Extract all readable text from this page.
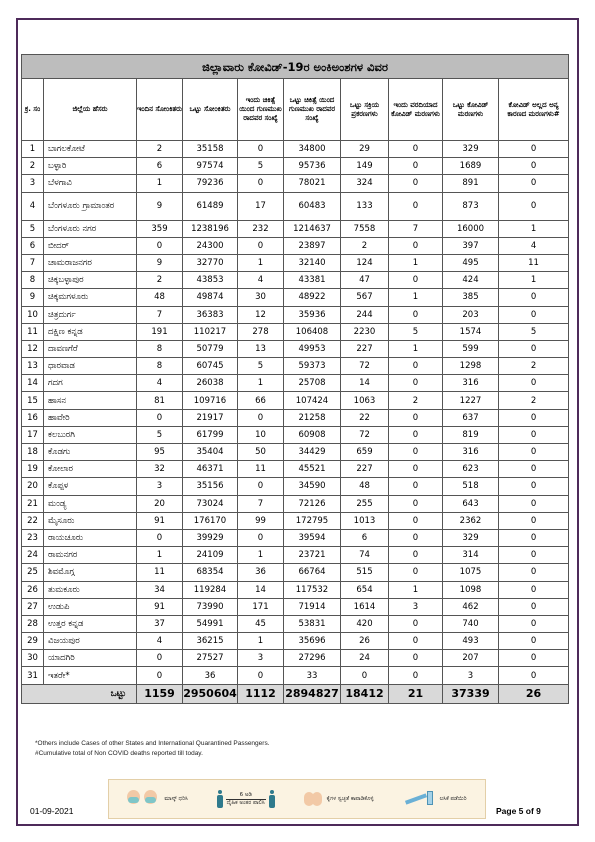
ಜಿಲ್ಲಾವಾರು ಕೋವಿಡ್-19ರ ಅಂಕಿಅಂಶಗಳ ವಿವರ									
ಕ್ರ. ಸಂ	ಜಿಲ್ಲೆಯ ಹೆಸರು	ಇಂದಿನ ಸೋಂಕಿತರು	ಒಟ್ಟು ಸೋಂಕಿತರು	ಇಂದು ಚಿಕಿತ್ಸೆ ಯಿಂದ ಗುಣಮುಖ ರಾದವರ ಸಂಖ್ಯೆ	ಒಟ್ಟು ಚಿಕಿತ್ಸೆ ಯಿಂದ ಗುಣಮುಖ ರಾದವರ ಸಂಖ್ಯೆ	ಒಟ್ಟು ಸಕ್ರಿಯ ಪ್ರಕರಣಗಳು	ಇಂದು ವರದಿಯಾದ ಕೋವಿಡ್ ಮರಣಗಳು	ಒಟ್ಟು ಕೋವಿಡ್ ಮರಣಗಳು	ಕೋವಿಡ್ ಅಲ್ಲದ ಅನ್ಯ ಕಾರಣದ ಮರಣಗಳು#
1	ಬಾಗಲಕೋಟೆ	2	35158	0	34800	29	0	329	0
2	ಬಳ್ಳಾರಿ	6	97574	5	95736	149	0	1689	0
3	ಬೆಳಗಾವಿ	1	79236	0	78021	324	0	891	0
4	ಬೆಂಗಳೂರು ಗ್ರಾಮಾಂತರ	9	61489	17	60483	133	0	873	0
5	ಬೆಂಗಳೂರು ನಗರ	359	1238196	232	1214637	7558	7	16000	1
6	ಬೀದರ್	0	24300	0	23897	2	0	397	4
7	ಚಾಮರಾಜನಗರ	9	32770	1	32140	124	1	495	11
8	ಚಿಕ್ಕಬಳ್ಳಾಪುರ	2	43853	4	43381	47	0	424	1
9	ಚಿಕ್ಕಮಗಳೂರು	48	49874	30	48922	567	1	385	0
10	ಚಿತ್ರದುರ್ಗ	7	36383	12	35936	244	0	203	0
11	ದಕ್ಷಿಣ ಕನ್ನಡ	191	110217	278	106408	2230	5	1574	5
12	ದಾವಣಗೆರೆ	8	50779	13	49953	227	1	599	0
13	ಧಾರವಾಡ	8	60745	5	59373	72	0	1298	2
14	ಗದಗ	4	26038	1	25708	14	0	316	0
15	ಹಾಸನ	81	109716	66	107424	1063	2	1227	2
16	ಹಾವೇರಿ	0	21917	0	21258	22	0	637	0
17	ಕಲಬುರಗಿ	5	61799	10	60908	72	0	819	0
18	ಕೊಡಗು	95	35404	50	34429	659	0	316	0
19	ಕೋಲಾರ	32	46371	11	45521	227	0	623	0
20	ಕೊಪ್ಪಳ	3	35156	0	34590	48	0	518	0
21	ಮಂಡ್ಯ	20	73024	7	72126	255	0	643	0
22	ಮೈಸೂರು	91	176170	99	172795	1013	0	2362	0
23	ರಾಯಚೂರು	0	39929	0	39594	6	0	329	0
24	ರಾಮನಗರ	1	24109	1	23721	74	0	314	0
25	ಶಿವಮೊಗ್ಗ	11	68354	36	66764	515	0	1075	0
26	ತುಮಕೂರು	34	119284	14	117532	654	1	1098	0
27	ಉಡುಪಿ	91	73990	171	71914	1614	3	462	0
28	ಉತ್ತರ ಕನ್ನಡ	37	54991	45	53831	420	0	740	0
29	ವಿಜಯಪುರ	4	36215	1	35696	26	0	493	0
30	ಯಾದಗಿರಿ	0	27527	3	27296	24	0	207	0
31	ಇತರೇ*	0	36	0	33	0	0	3	0
ಒಟ್ಟು		1159	2950604	1112	2894827	18412	21	37339	26
*Others include Cases of other States and International Quarantined Passengers.
#Cumulative total of Non COVID deaths reported till today.
ಮಾಸ್ಕ್ ಧರಿಸಿ
6 ಅಡಿ
ದೈಹಿಕ ಅಂತರ ಪಾಲಿಸಿ
ಕೈಗಳ ಸ್ವಚ್ಛತೆ ಕಾಪಾಡಿಕೊಳ್ಳಿ	ಲಸಿಕೆ ಪಡೆಯಿರಿ
01-09-2021	Page 5 of 9
